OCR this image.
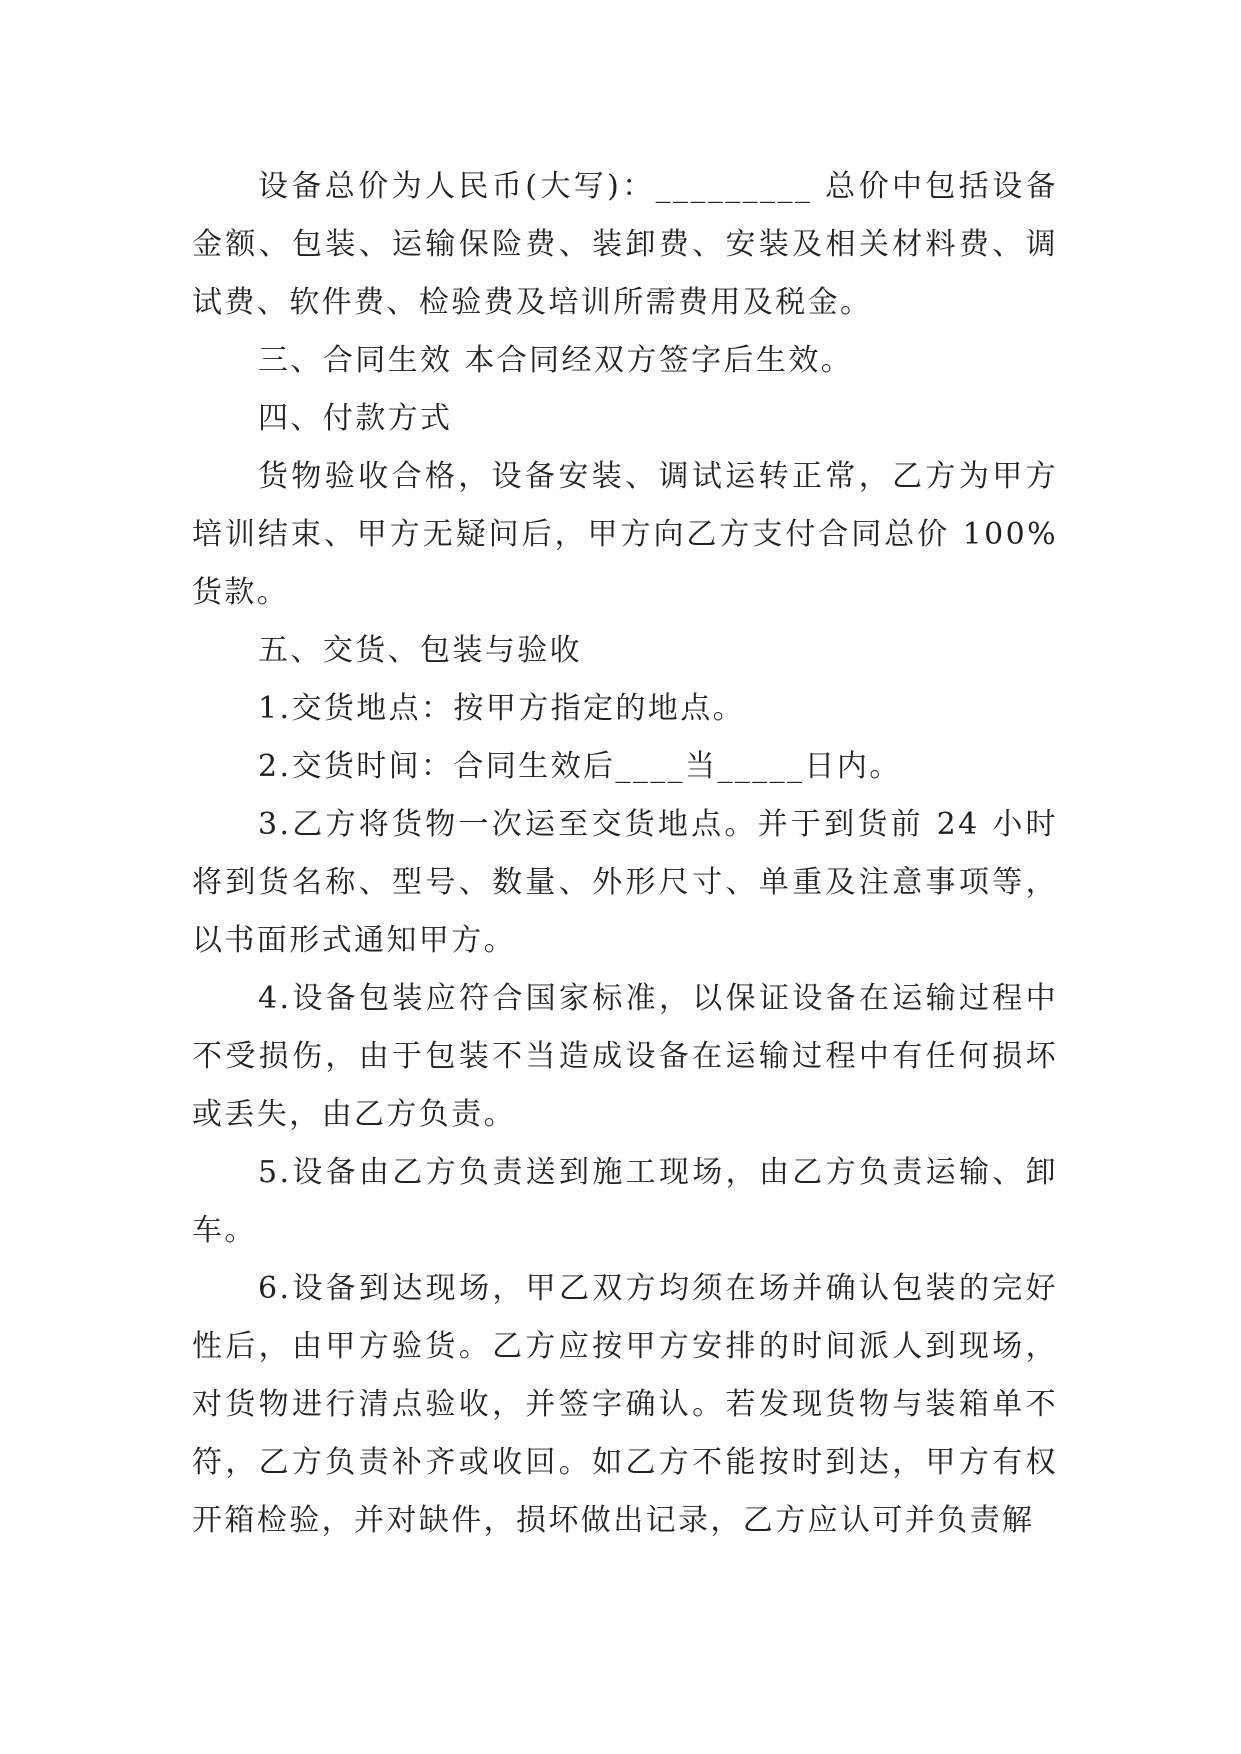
设备总价为人民币(大写)：_________ 总价中包括设备金额、包装、运输保险费、装卸费、安装及相关材料费、调试费、软件费、检验费及培训所需费用及税金。

三、合同生效 本合同经双方签字后生效。

四、付款方式

货物验收合格，设备安装、调试运转正常，乙方为甲方培训结束、甲方无疑问后，甲方向乙方支付合同总价 100%货款。

五、交货、包装与验收

1.交货地点：按甲方指定的地点。

2.交货时间：合同生效后____当_____日内。

3.乙方将货物一次运至交货地点。并于到货前 24 小时将到货名称、型号、数量、外形尺寸、单重及注意事项等，以书面形式通知甲方。

4.设备包装应符合国家标准，以保证设备在运输过程中不受损伤，由于包装不当造成设备在运输过程中有任何损坏或丢失，由乙方负责。

5.设备由乙方负责送到施工现场，由乙方负责运输、卸车。

6.设备到达现场，甲乙双方均须在场并确认包装的完好性后，由甲方验货。乙方应按甲方安排的时间派人到现场，对货物进行清点验收，并签字确认。若发现货物与装箱单不符，乙方负责补齐或收回。如乙方不能按时到达，甲方有权开箱检验，并对缺件，损坏做出记录，乙方应认可并负责解
